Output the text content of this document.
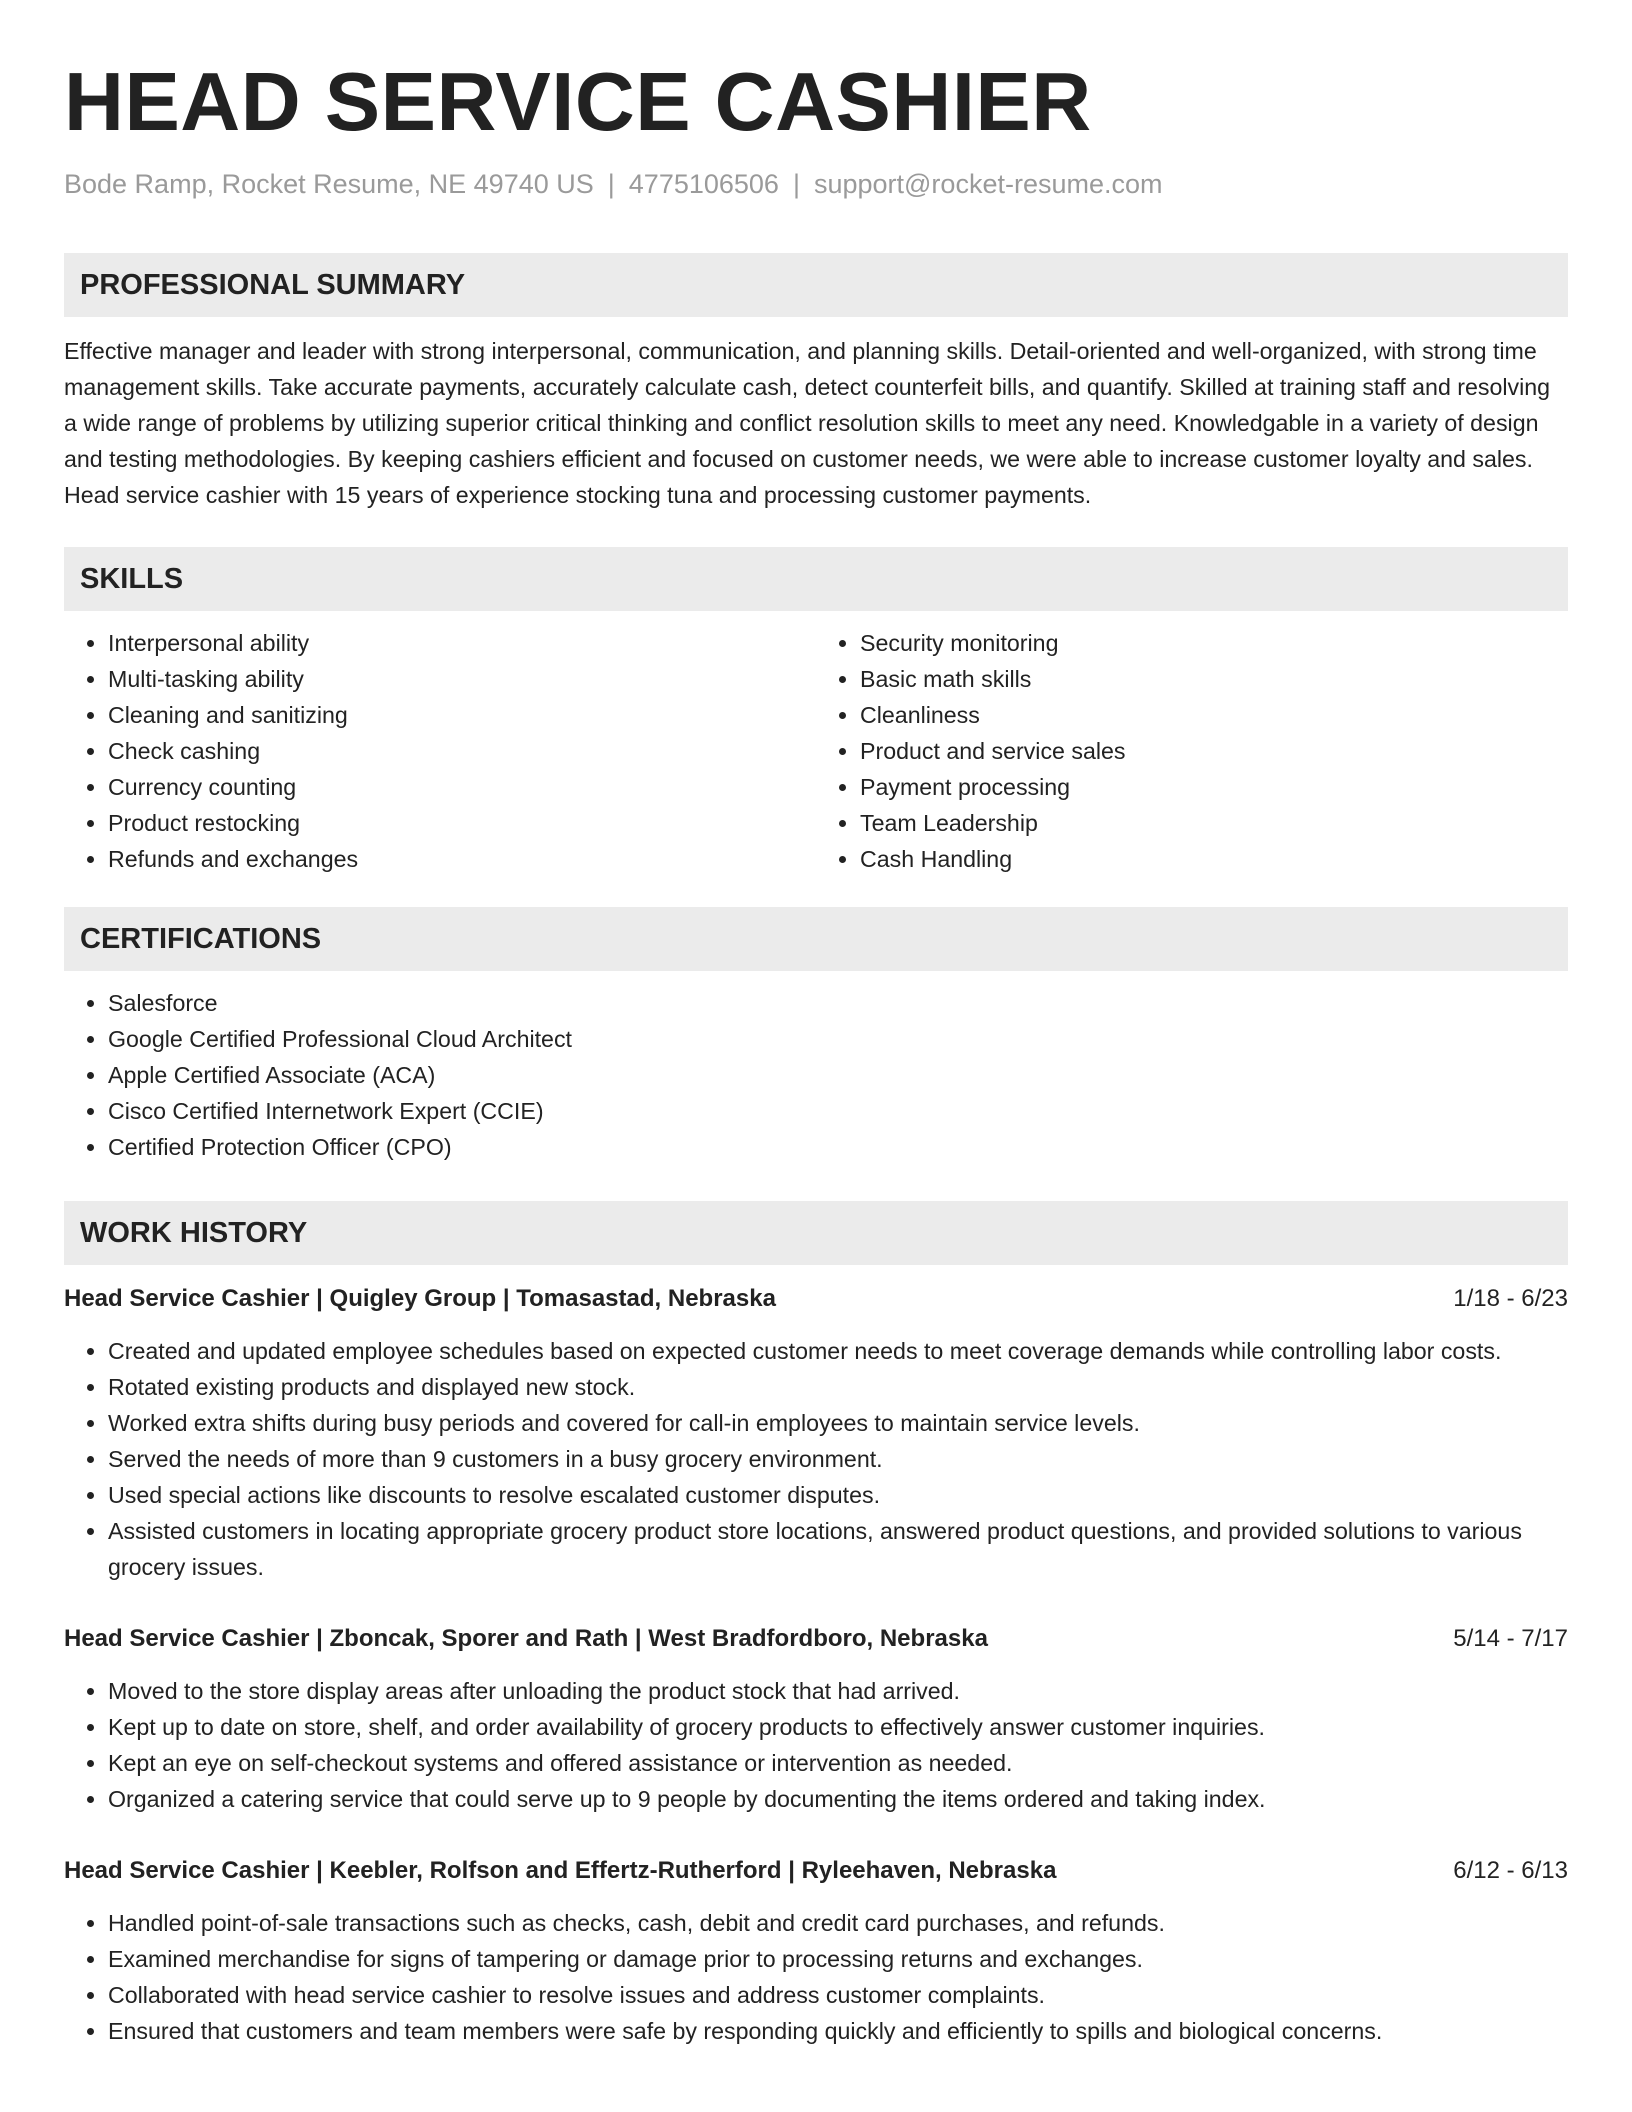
HEAD SERVICE CASHIER
Bode Ramp, Rocket Resume, NE 49740 US | 4775106506 | support@rocket-resume.com
PROFESSIONAL SUMMARY

Effective manager and leader with strong interpersonal, communication, and planning skills. Detail-oriented and well-organized, with strong time management skills. Take accurate payments, accurately calculate cash, detect counterfeit bills, and quantify. Skilled at training staff and resolving a wide range of problems by utilizing superior critical thinking and conflict resolution skills to meet any need. Knowledgable in a variety of design and testing methodologies. By keeping cashiers efficient and focused on customer needs, we were able to increase customer loyalty and sales. Head service cashier with 15 years of experience stocking tuna and processing customer payments.

SKILLS
• Interpersonal ability
• Multi-tasking ability
• Cleaning and sanitizing
• Check cashing
• Currency counting
• Product restocking
• Refunds and exchanges
• Security monitoring
• Basic math skills
• Cleanliness
• Product and service sales
• Payment processing
• Team Leadership
• Cash Handling
CERTIFICATIONS
• Salesforce
• Google Certified Professional Cloud Architect
• Apple Certified Associate (ACA)
• Cisco Certified Internetwork Expert (CCIE)
• Certified Protection Officer (CPO)
WORK HISTORY
Head Service Cashier | Quigley Group | Tomasastad, Nebraska	1/18 - 6/23
• Created and updated employee schedules based on expected customer needs to meet coverage demands while controlling labor costs.
• Rotated existing products and displayed new stock.
• Worked extra shifts during busy periods and covered for call-in employees to maintain service levels.
• Served the needs of more than 9 customers in a busy grocery environment.
• Used special actions like discounts to resolve escalated customer disputes.
• Assisted customers in locating appropriate grocery product store locations, answered product questions, and provided solutions to various grocery issues.
Head Service Cashier | Zboncak, Sporer and Rath | West Bradfordboro, Nebraska	5/14 - 7/17
• Moved to the store display areas after unloading the product stock that had arrived.
• Kept up to date on store, shelf, and order availability of grocery products to effectively answer customer inquiries.
• Kept an eye on self-checkout systems and offered assistance or intervention as needed.
• Organized a catering service that could serve up to 9 people by documenting the items ordered and taking index.
Head Service Cashier | Keebler, Rolfson and Effertz-Rutherford | Ryleehaven, Nebraska	6/12 - 6/13
• Handled point-of-sale transactions such as checks, cash, debit and credit card purchases, and refunds.
• Examined merchandise for signs of tampering or damage prior to processing returns and exchanges.
• Collaborated with head service cashier to resolve issues and address customer complaints.
• Ensured that customers and team members were safe by responding quickly and efficiently to spills and biological concerns.
